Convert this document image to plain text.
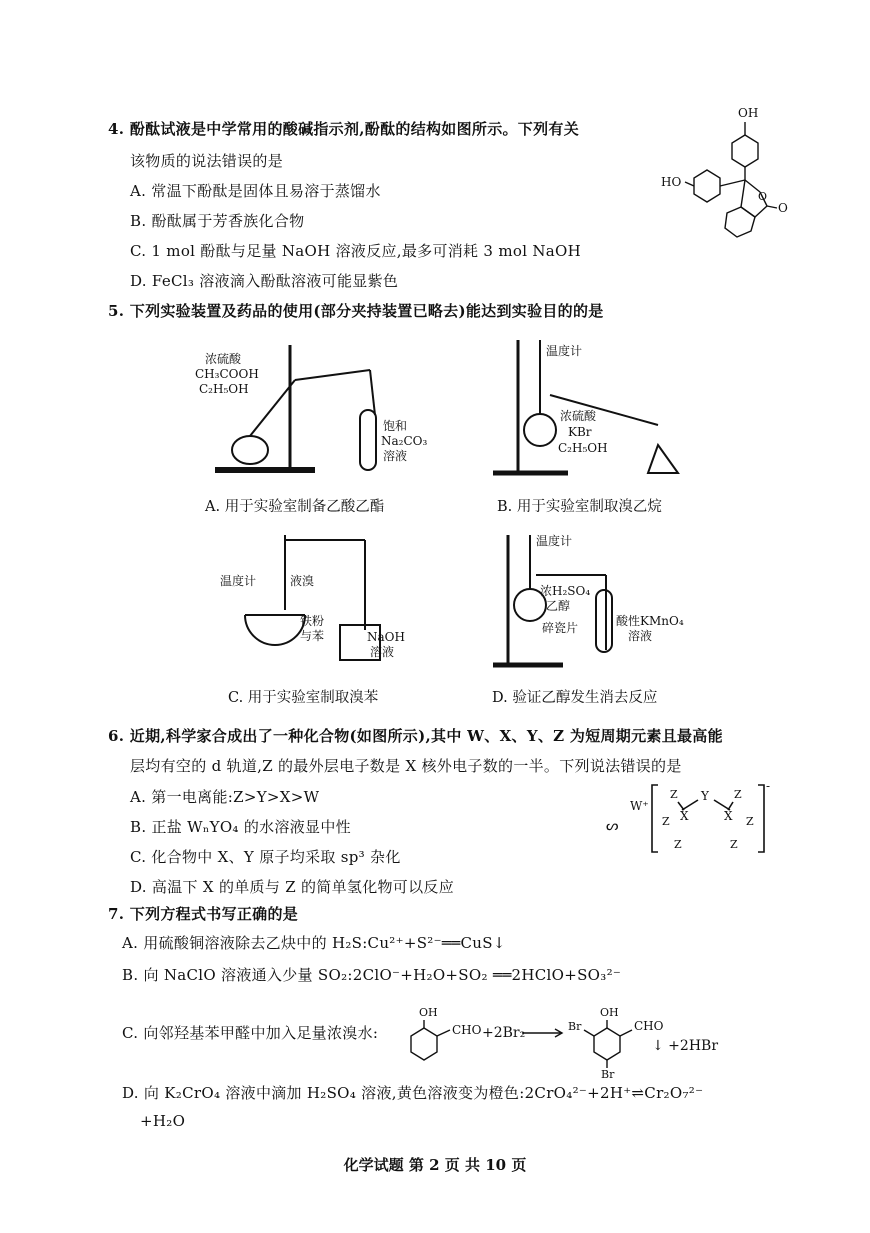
4. 酚酞试液是中学常用的酸碱指示剂,酚酞的结构如图所示。下列有关
该物质的说法错误的是
A. 常温下酚酞是固体且易溶于蒸馏水
B. 酚酞属于芳香族化合物
C. 1 mol 酚酞与足量 NaOH 溶液反应,最多可消耗 3 mol NaOH
D. FeCl₃ 溶液滴入酚酞溶液可能显紫色
OH
HO
O
O
5. 下列实验装置及药品的使用(部分夹持装置已略去)能达到实验目的的是
浓硫酸
CH₃COOH
C₂H₅OH
饱和
Na₂CO₃
溶液
A. 用于实验室制备乙酸乙酯
温度计
浓硫酸
KBr
C₂H₅OH
B. 用于实验室制取溴乙烷
温度计	液溴
铁粉
与苯	NaOH
溶液
C. 用于实验室制取溴苯
温度计
浓H₂SO₄
乙醇
碎瓷片	酸性KMnO₄
溶液
D. 验证乙醇发生消去反应
6. 近期,科学家合成出了一种化合物(如图所示),其中 W、X、Y、Z 为短周期元素且最高能
层均有空的 d 轨道,Z 的最外层电子数是 X 核外电子数的一半。下列说法错误的是
A. 第一电离能:Z>Y>X>W
B. 正盐 WₙYO₄ 的水溶液显中性
C. 化合物中 X、Y 原子均采取 sp³ 杂化
D. 高温下 X 的单质与 Z 的简单氢化物可以反应
ᔕ
W⁺
Z
Z
Z
X
Y
X
Z
Z
Z
-
7. 下列方程式书写正确的是
A. 用硫酸铜溶液除去乙炔中的 H₂S:Cu²⁺+S²⁻══CuS↓
B. 向 NaClO 溶液通入少量 SO₂:2ClO⁻+H₂O+SO₂ ══2HClO+SO₃²⁻
C. 向邻羟基苯甲醛中加入足量浓溴水:
OH
CHO +2Br₂	Br
OH
CHO
Br
↓ +2HBr
D. 向 K₂CrO₄ 溶液中滴加 H₂SO₄ 溶液,黄色溶液变为橙色:2CrO₄²⁻+2H⁺⇌Cr₂O₇²⁻
+H₂O
化学试题 第 2 页 共 10 页
